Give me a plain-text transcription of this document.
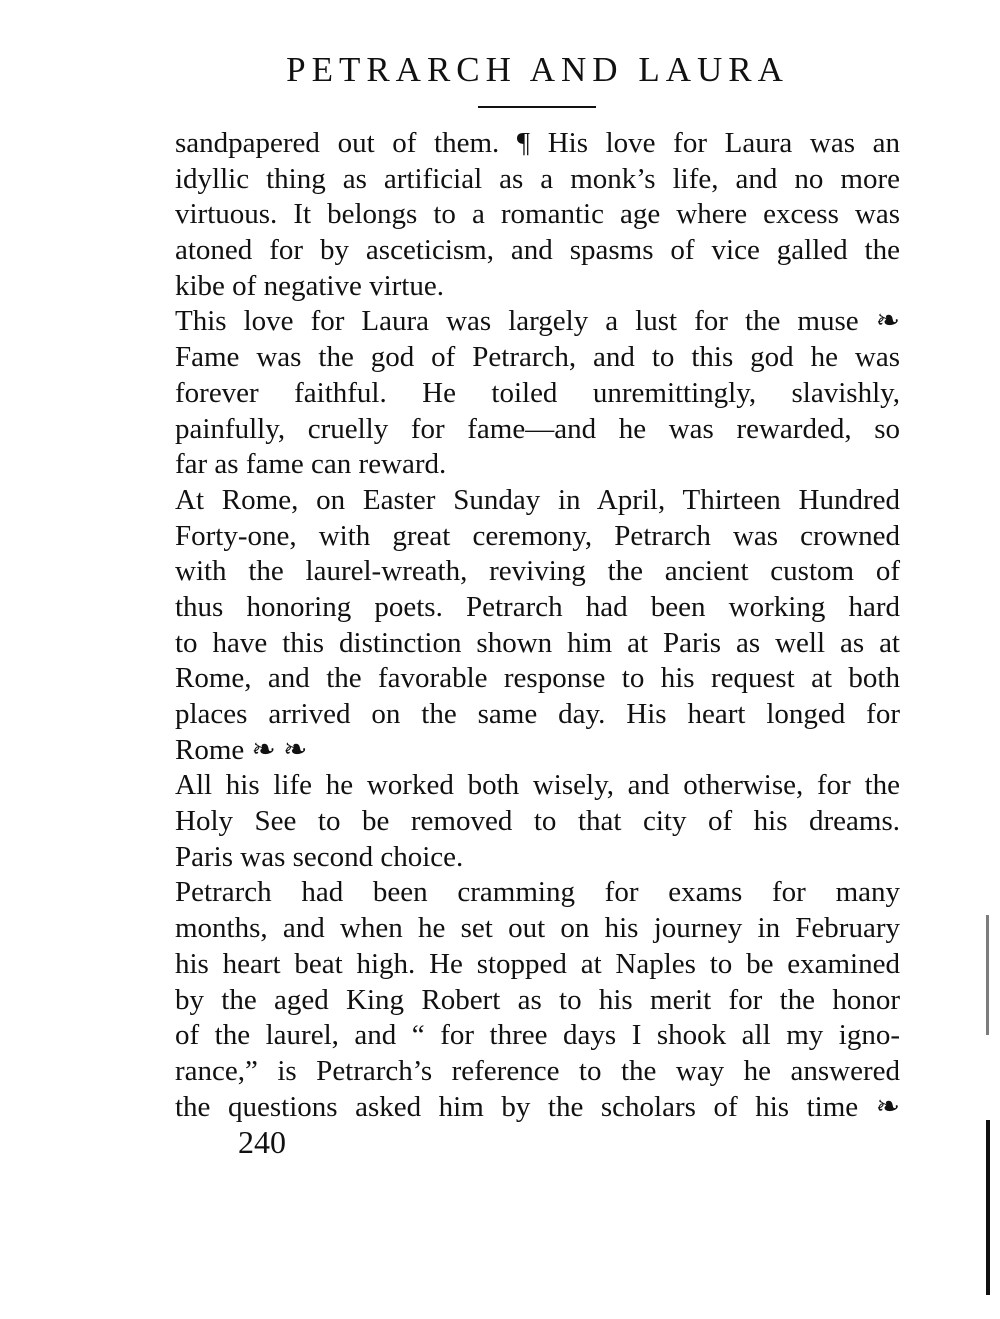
PETRARCH AND LAURA
sandpapered out of them. ¶ His love for Laura was an
idyllic thing as artificial as a monk’s life, and no more
virtuous. It belongs to a romantic age where excess was
atoned for by asceticism, and spasms of vice galled the
kibe of negative virtue.
This love for Laura was largely a lust for the muse ❧
Fame was the god of Petrarch, and to this god he was
forever faithful. He toiled unremittingly, slavishly,
painfully, cruelly for fame—and he was rewarded, so
far as fame can reward.
At Rome, on Easter Sunday in April, Thirteen Hundred
Forty-one, with great ceremony, Petrarch was crowned
with the laurel-wreath, reviving the ancient custom of
thus honoring poets. Petrarch had been working hard
to have this distinction shown him at Paris as well as at
Rome, and the favorable response to his request at both
places arrived on the same day. His heart longed for
Rome ❧ ❧
All his life he worked both wisely, and otherwise, for the
Holy See to be removed to that city of his dreams.
Paris was second choice.
Petrarch had been cramming for exams for many
months, and when he set out on his journey in February
his heart beat high. He stopped at Naples to be examined
by the aged King Robert as to his merit for the honor
of the laurel, and “ for three days I shook all my igno-
rance,” is Petrarch’s reference to the way he answered
the questions asked him by the scholars of his time ❧
240
